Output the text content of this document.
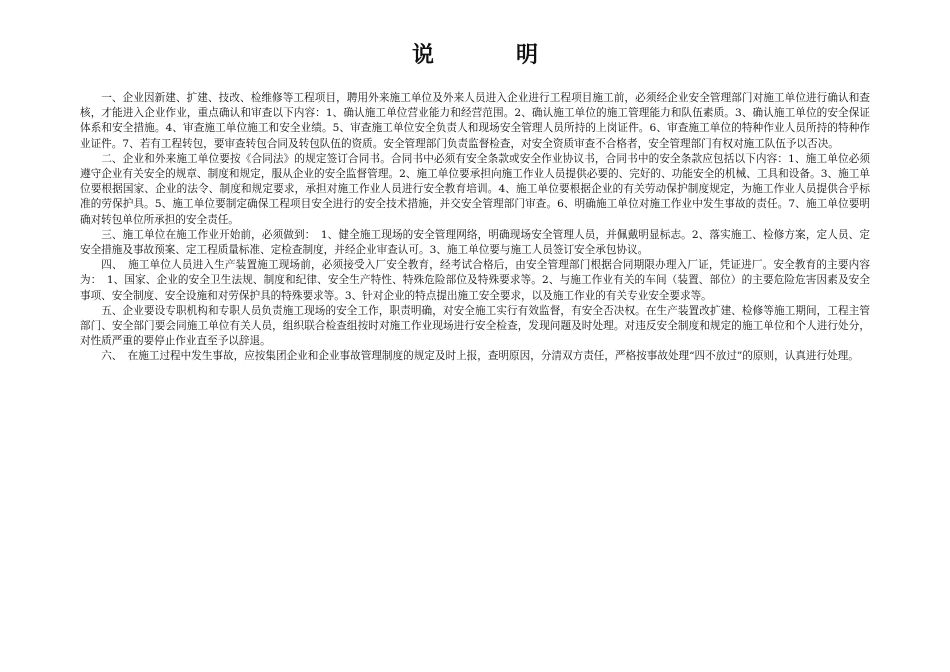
说　明

一、企业因新建、扩建、技改、检维修等工程项目，聘用外来施工单位及外来人员进入企业进行工程项目施工前，必须经企业安全管理部门对施工单位进行确认和查核，才能进入企业作业，重点确认和审查以下内容：1、确认施工单位营业能力和经营范围。2、确认施工单位的施工管理能力和队伍素质。3、确认施工单位的安全保证体系和安全措施。4、审查施工单位施工和安全业绩。5、审查施工单位安全负责人和现场安全管理人员所持的上岗证件。6、审查施工单位的特种作业人员所持的特种作业证件。7、若有工程转包，要审查转包合同及转包队伍的资质。安全管理部门负责监督检查，对安全资质审查不合格者，安全管理部门有权对施工队伍予以否决。

二、企业和外来施工单位要按《合同法》的规定签订合同书。合同书中必须有安全条款或安全作业协议书，合同书中的安全条款应包括以下内容：1、施工单位必须遵守企业有关安全的规章、制度和规定，服从企业的安全监督管理。2、施工单位要承担向施工作业人员提供必要的、完好的、功能安全的机械、工具和设备。3、施工单位要根据国家、企业的法令、制度和规定要求，承担对施工作业人员进行安全教育培训。4、施工单位要根据企业的有关劳动保护制度规定，为施工作业人员提供合乎标准的劳保护具。5、施工单位要制定确保工程项目安全进行的安全技术措施，并交安全管理部门审查。6、明确施工单位对施工作业中发生事故的责任。7、施工单位要明确对转包单位所承担的安全责任。

三、施工单位在施工作业开始前，必须做到：　1、健全施工现场的安全管理网络，明确现场安全管理人员，并佩戴明显标志。2、落实施工、检修方案，定人员、定安全措施及事故预案、定工程质量标准、定检查制度，并经企业审查认可。3、施工单位要与施工人员签订安全承包协议。

四、　施工单位人员进入生产装置施工现场前，必须接受入厂安全教育，经考试合格后，由安全管理部门根据合同期限办理入厂证，凭证进厂。安全教育的主要内容为：　1、国家、企业的安全卫生法规、制度和纪律、安全生产特性、特殊危险部位及特殊要求等。2、与施工作业有关的车间（装置、部位）的主要危险危害因素及安全事项、安全制度、安全设施和对劳保护具的特殊要求等。3、针对企业的特点提出施工安全要求，以及施工作业的有关专业安全要求等。

五、企业要设专职机构和专职人员负责施工现场的安全工作，职责明确，对安全施工实行有效监督，有安全否决权。在生产装置改扩建、检修等施工期间，工程主管部门、安全部门要会同施工单位有关人员，组织联合检查组按时对施工作业现场进行安全检查，发现问题及时处理。对违反安全制度和规定的施工单位和个人进行处分，对性质严重的要停止作业直至予以辞退。

六、　在施工过程中发生事故，应按集团企业和企业事故管理制度的规定及时上报，查明原因，分清双方责任，严格按事故处理“四不放过”的原则，认真进行处理。
